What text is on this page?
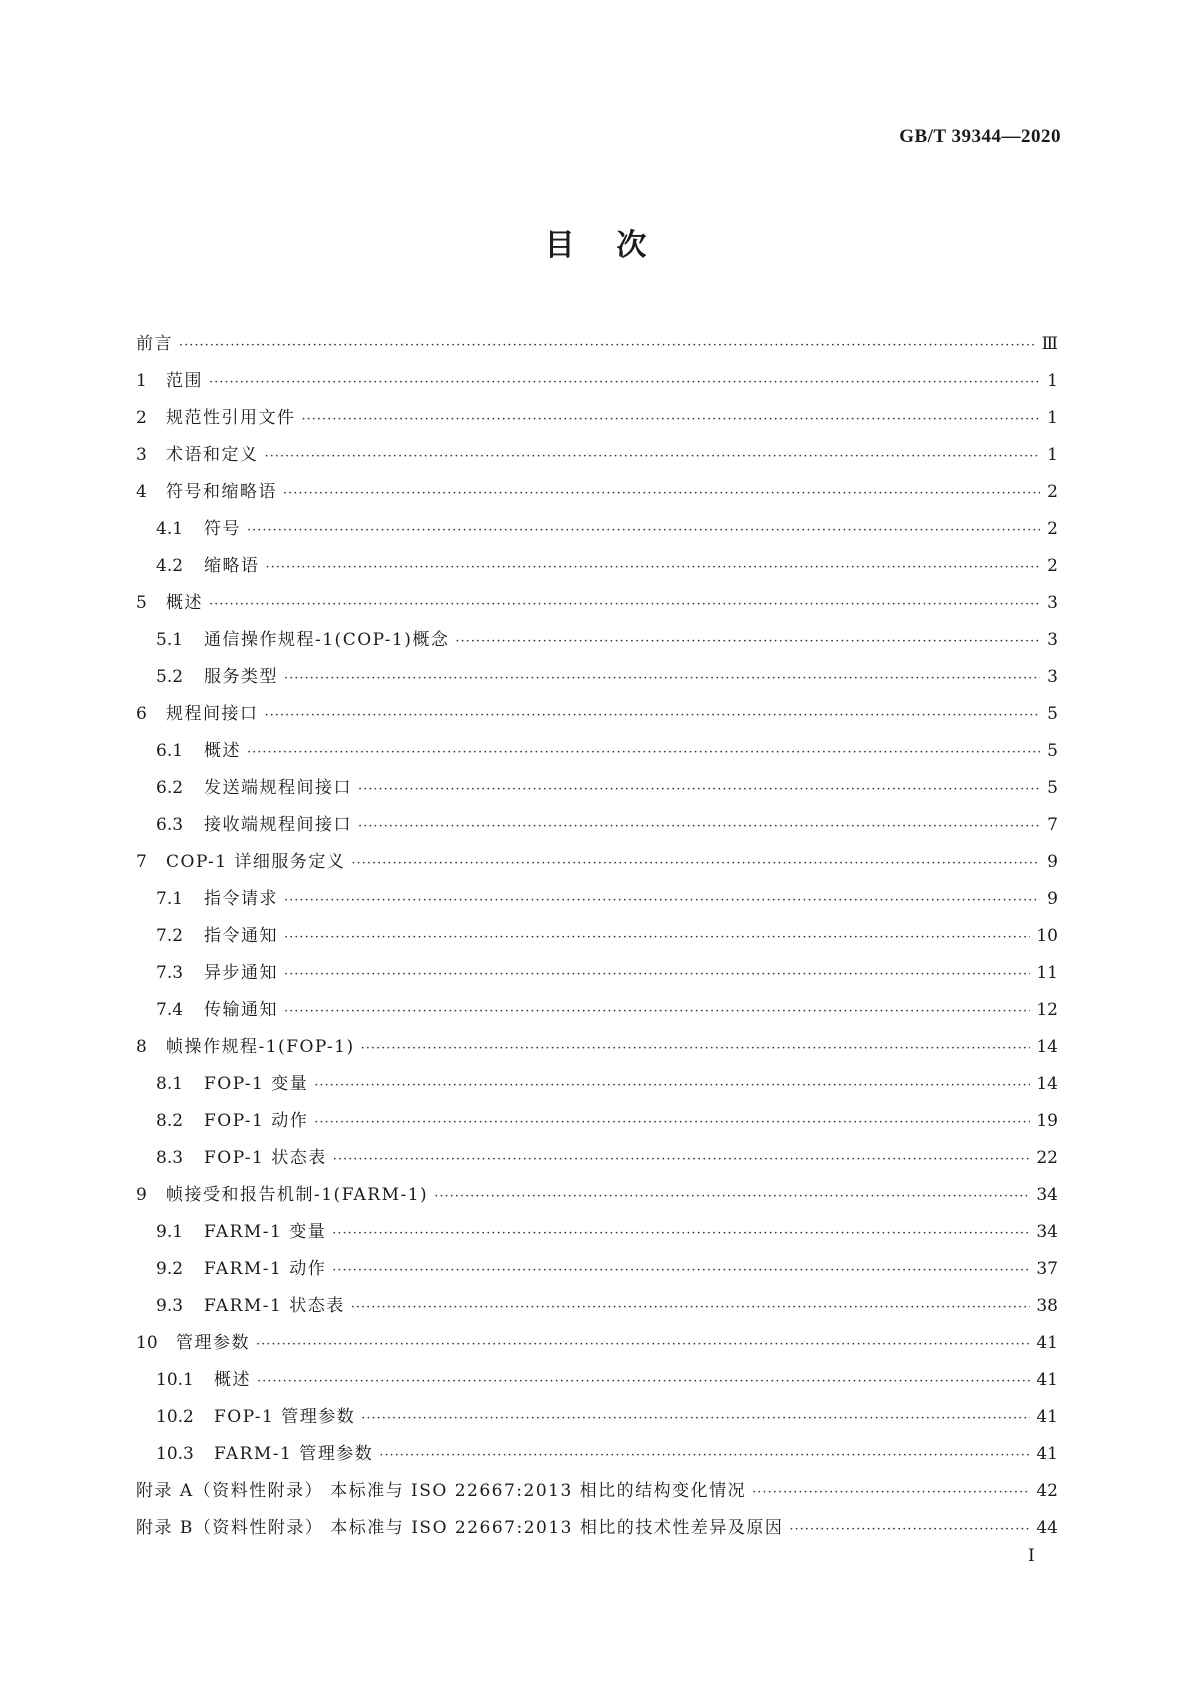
GB/T 39344—2020
目    次
前言 ·····	Ⅲ
1	范围 ·····	1
2	规范性引用文件 ·····	1
3	术语和定义 ·····	1
4	符号和缩略语 ·····	2
4.1	符号 ·····	2
4.2	缩略语 ·····	2
5	概述 ·····	3
5.1	通信操作规程-1(COP-1)概念 ·····	3
5.2	服务类型 ·····	3
6	规程间接口 ·····	5
6.1	概述 ·····	5
6.2	发送端规程间接口 ·····	5
6.3	接收端规程间接口 ·····	7
7	COP-1 详细服务定义 ·····	9
7.1	指令请求 ·····	9
7.2	指令通知 ·····	10
7.3	异步通知 ·····	11
7.4	传输通知 ·····	12
8	帧操作规程-1(FOP-1) ·····	14
8.1	FOP-1 变量 ·····	14
8.2	FOP-1 动作 ·····	19
8.3	FOP-1 状态表 ·····	22
9	帧接受和报告机制-1(FARM-1) ·····	34
9.1	FARM-1 变量 ·····	34
9.2	FARM-1 动作 ·····	37
9.3	FARM-1 状态表 ·····	38
10	管理参数 ·····	41
10.1	概述 ·····	41
10.2	FOP-1 管理参数 ·····	41
10.3	FARM-1 管理参数 ·····	41
附录 A（资料性附录） 本标准与 ISO 22667:2013 相比的结构变化情况 ·····	42
附录 B（资料性附录） 本标准与 ISO 22667:2013 相比的技术性差异及原因 ·····	44
I
